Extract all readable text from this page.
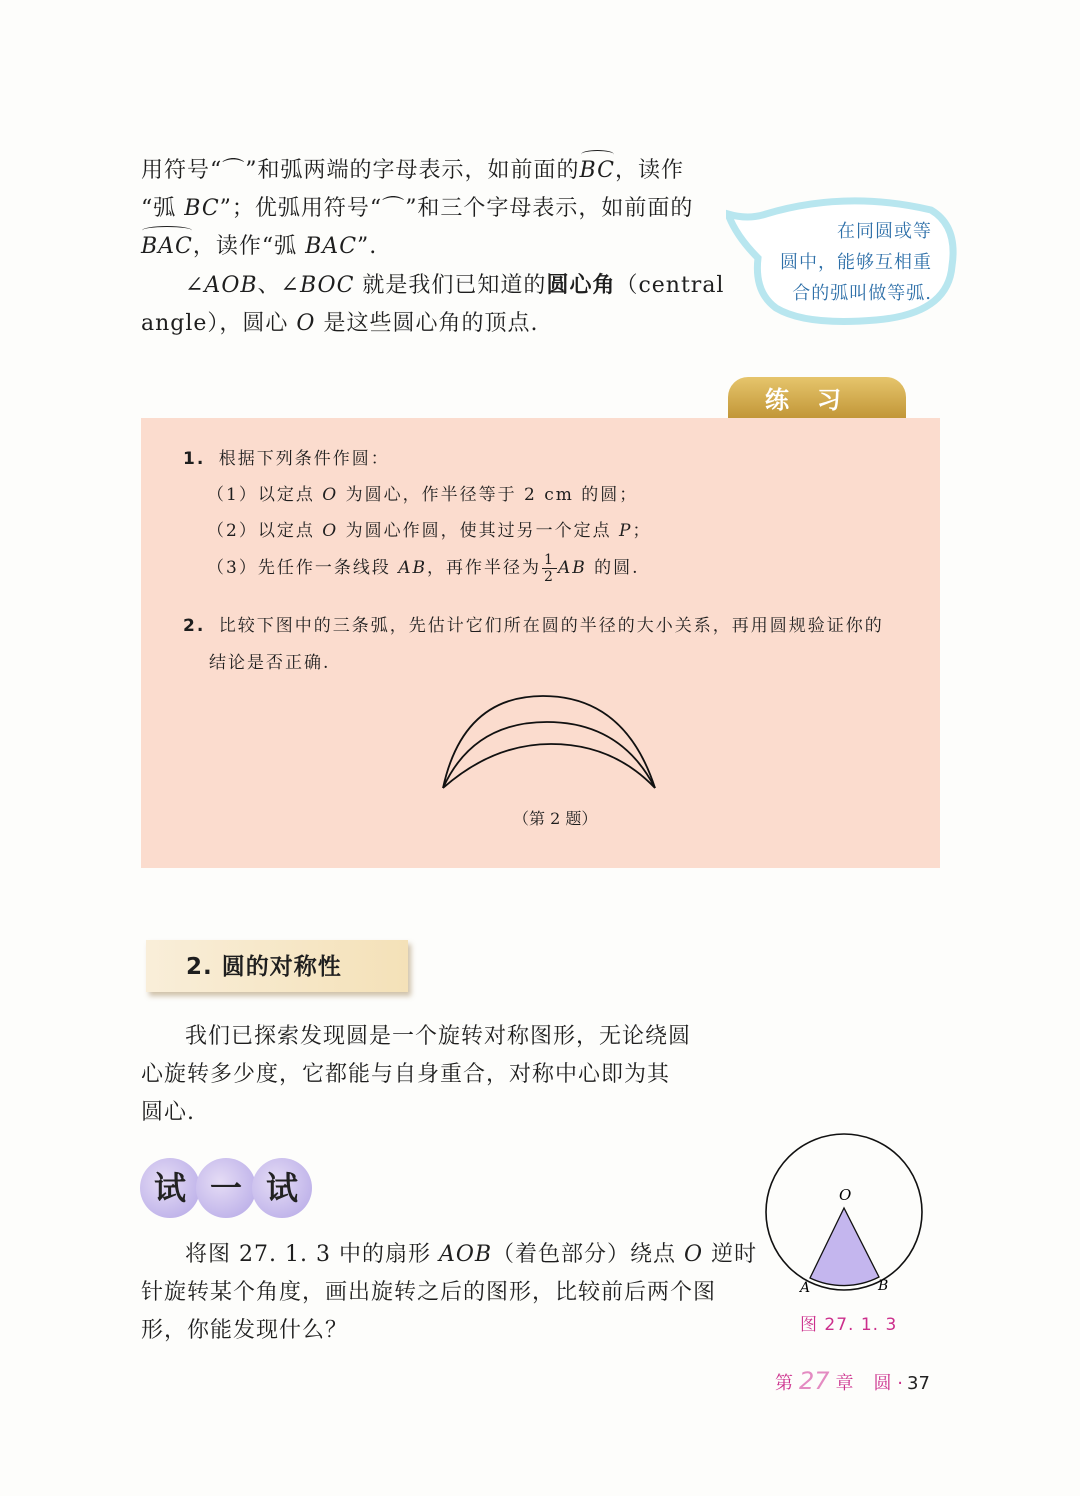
用符号“⌒”和弧两端的字母表示，如前面的BC，读作
“弧 BC”；优弧用符号“⌒”和三个字母表示，如前面的
BAC，读作“弧 BAC”.
∠AOB、∠BOC 就是我们已知道的圆心角（central
angle），圆心 O 是这些圆心角的顶点.
在同圆或等
圆中，能够互相重
合的弧叫做等弧.
练习
1. 根据下列条件作圆：
（1）以定点 O 为圆心，作半径等于 2 cm 的圆；
（2）以定点 O 为圆心作圆，使其过另一个定点 P；
（3）先任作一条线段 AB，再作半径为 $\frac{1}{2}$ AB 的圆.
2. 比较下图中的三条弧，先估计它们所在圆的半径的大小关系，再用圆规验证你的
结论是否正确.
（第 2 题）
2. 圆的对称性
我们已探索发现圆是一个旋转对称图形，无论绕圆
心旋转多少度，它都能与自身重合，对称中心即为其
圆心.
试 一 试
将图 27. 1. 3 中的扇形 AOB（着色部分）绕点 O 逆时
针旋转某个角度，画出旋转之后的图形，比较前后两个图
形，你能发现什么？
O
A	B
图 27. 1. 3
第 27 章 圆 · 37
